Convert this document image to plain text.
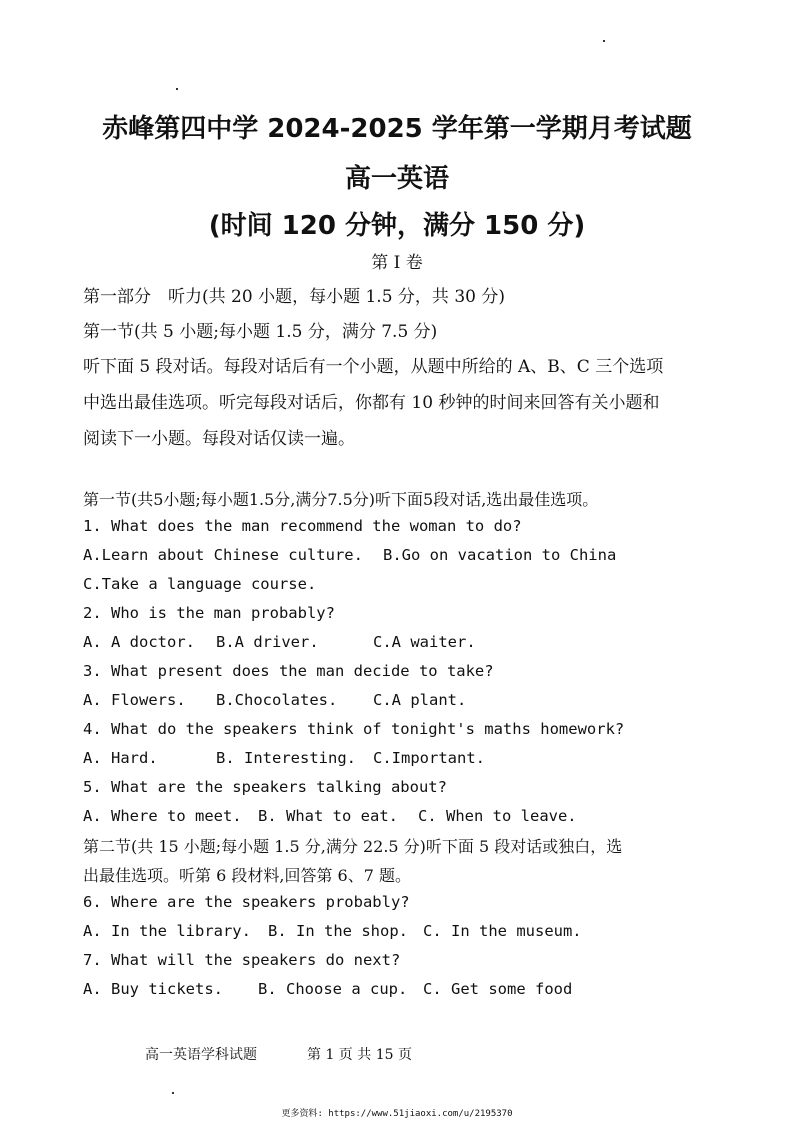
赤峰第四中学 2024-2025 学年第一学期月考试题
高一英语
(时间 120 分钟，满分 150 分)
第 I 卷
第一部分　听力(共 20 小题，每小题 1.5 分，共 30 分)
第一节(共 5 小题;每小题 1.5 分，满分 7.5 分)
听下面 5 段对话。每段对话后有一个小题，从题中所给的 A、B、C 三个选项
中选出最佳选项。听完每段对话后，你都有 10 秒钟的时间来回答有关小题和
阅读下一小题。每段对话仅读一遍。
第一节(共5小题;每小题1.5分,满分7.5分)听下面5段对话,选出最佳选项。
1. What does the man recommend the woman to do?
A.Learn about Chinese culture. B.Go on vacation to China
C.Take a language course.
2. Who is the man probably?
A. A doctor. B.A driver.	C.A waiter.
3. What present does the man decide to take?
A. Flowers. B.Chocolates. C.A plant.
4. What do the speakers think of tonight's maths homework?
A. Hard.	B. Interesting. C.Important.
5. What are the speakers talking about?
A. Where to meet. B. What to eat. C. When to leave.
第二节(共 15 小题;每小题 1.5 分,满分 22.5 分)听下面 5 段对话或独白，选
出最佳选项。听第 6 段材料,回答第 6、7 题。
6. Where are the speakers probably?
A. In the library. B. In the shop. C. In the museum.
7. What will the speakers do next?
A. Buy tickets. B. Choose a cup. C. Get some food
高一英语学科试题	第 1 页 共 15 页
更多资料: https://www.51jiaoxi.com/u/2195370
